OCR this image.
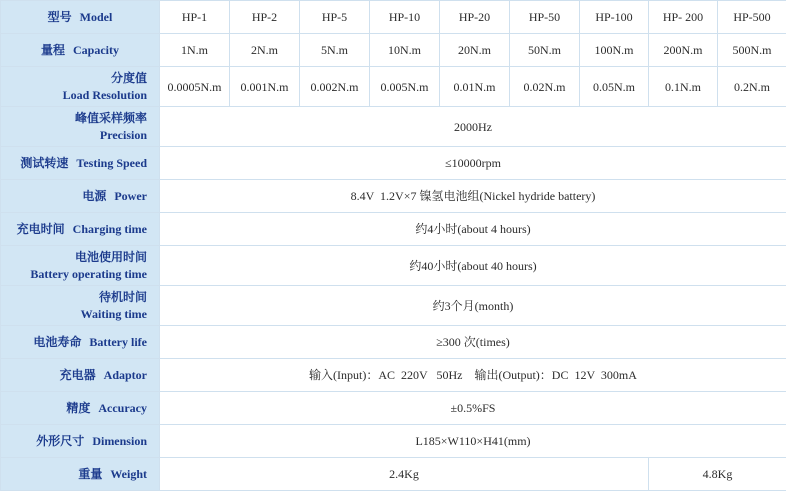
型号 Model	HP-1	HP-2	HP-5	HP-10	HP-20	HP-50	HP-100	HP- 200	HP-500
量程 Capacity	1N.m	2N.m	5N.m	10N.m	20N.m	50N.m	100N.m	200N.m	500N.m

分度值
Load Resolution	0.0005N.m	0.001N.m	0.002N.m	0.005N.m	0.01N.m	0.02N.m	0.05N.m	0.1N.m	0.2N.m

峰值采样频率
Precision	2000Hz								
测试转速 Testing Speed	≤10000rpm								
电源 Power	8.4V  1.2V×7 镍氢电池组(Nickel hydride battery)								
充电时间 Charging time	约4小时(about 4 hours)								

电池使用时间
Battery operating time	约40小时(about 40 hours)								

待机时间
Waiting time	约3个月(month)								
电池寿命 Battery life	≥300 次(times)								
充电器 Adaptor	输入(Input)：AC  220V   50Hz    输出(Output)：DC  12V  300mA								
精度 Accuracy	±0.5%FS								
外形尺寸 Dimension	L185×W110×H41(mm)								
重量 Weight	2.4Kg							4.8Kg	
